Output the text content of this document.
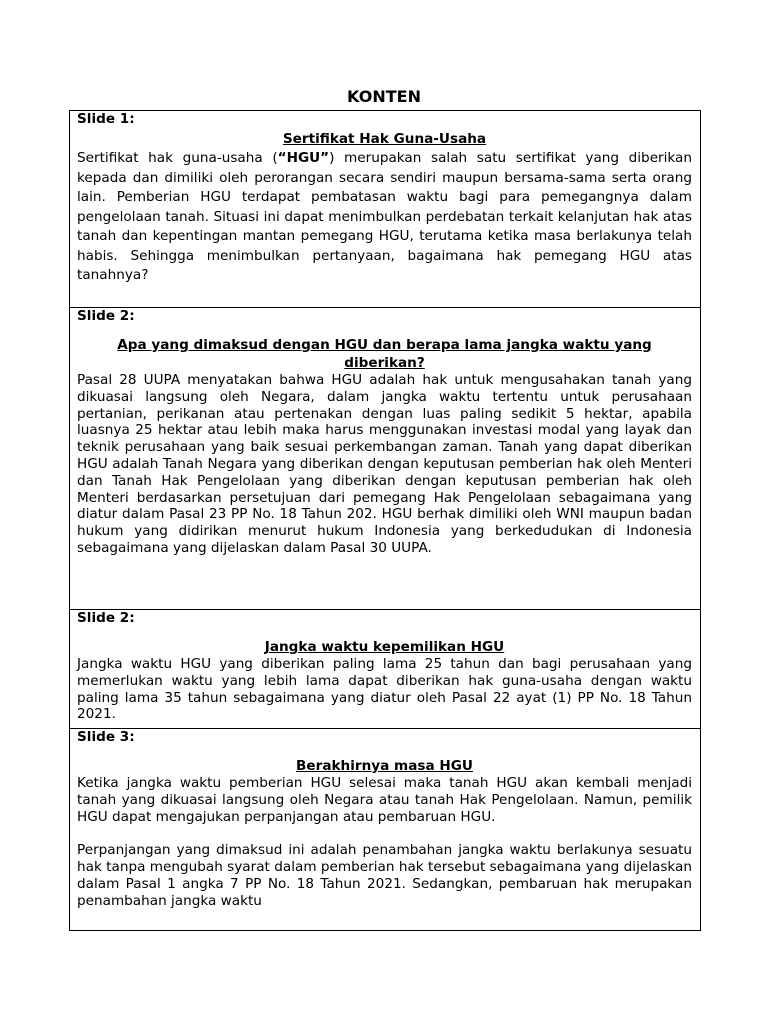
KONTEN
Slide 1:
Sertifikat Hak Guna-Usaha

Sertifikat hak guna-usaha (“HGU”) merupakan salah satu sertifikat yang diberikan kepada dan dimiliki oleh perorangan secara sendiri maupun bersama-sama serta orang lain. Pemberian HGU terdapat pembatasan waktu bagi para pemegangnya dalam pengelolaan tanah. Situasi ini dapat menimbulkan perdebatan terkait kelanjutan hak atas tanah dan kepentingan mantan pemegang HGU, terutama ketika masa berlakunya telah habis. Sehingga menimbulkan pertanyaan, bagaimana hak pemegang HGU atas tanahnya?

Slide 2:
Apa yang dimaksud dengan HGU dan berapa lama jangka waktu yang diberikan?

Pasal 28 UUPA menyatakan bahwa HGU adalah hak untuk mengusahakan tanah yang dikuasai langsung oleh Negara, dalam jangka waktu tertentu untuk perusahaan pertanian, perikanan atau pertenakan dengan luas paling sedikit 5 hektar, apabila luasnya 25 hektar atau lebih maka harus menggunakan investasi modal yang layak dan teknik perusahaan yang baik sesuai perkembangan zaman. Tanah yang dapat diberikan HGU adalah Tanah Negara yang diberikan dengan keputusan pemberian hak oleh Menteri dan Tanah Hak Pengelolaan yang diberikan dengan keputusan pemberian hak oleh Menteri berdasarkan persetujuan dari pemegang Hak Pengelolaan sebagaimana yang diatur dalam Pasal 23 PP No. 18 Tahun 202. HGU berhak dimiliki oleh WNI maupun badan hukum yang didirikan menurut hukum Indonesia yang berkedudukan di Indonesia sebagaimana yang dijelaskan dalam Pasal 30 UUPA.

Slide 2:
Jangka waktu kepemilikan HGU

Jangka waktu HGU yang diberikan paling lama 25 tahun dan bagi perusahaan yang memerlukan waktu yang lebih lama dapat diberikan hak guna-usaha dengan waktu paling lama 35 tahun sebagaimana yang diatur oleh Pasal 22 ayat (1) PP No. 18 Tahun 2021.

Slide 3:
Berakhirnya masa HGU

Ketika jangka waktu pemberian HGU selesai maka tanah HGU akan kembali menjadi tanah yang dikuasai langsung oleh Negara atau tanah Hak Pengelolaan. Namun, pemilik HGU dapat mengajukan perpanjangan atau pembaruan HGU.

Perpanjangan yang dimaksud ini adalah penambahan jangka waktu berlakunya sesuatu hak tanpa mengubah syarat dalam pemberian hak tersebut sebagaimana yang dijelaskan dalam Pasal 1 angka 7 PP No. 18 Tahun 2021. Sedangkan, pembaruan hak merupakan penambahan jangka waktu
